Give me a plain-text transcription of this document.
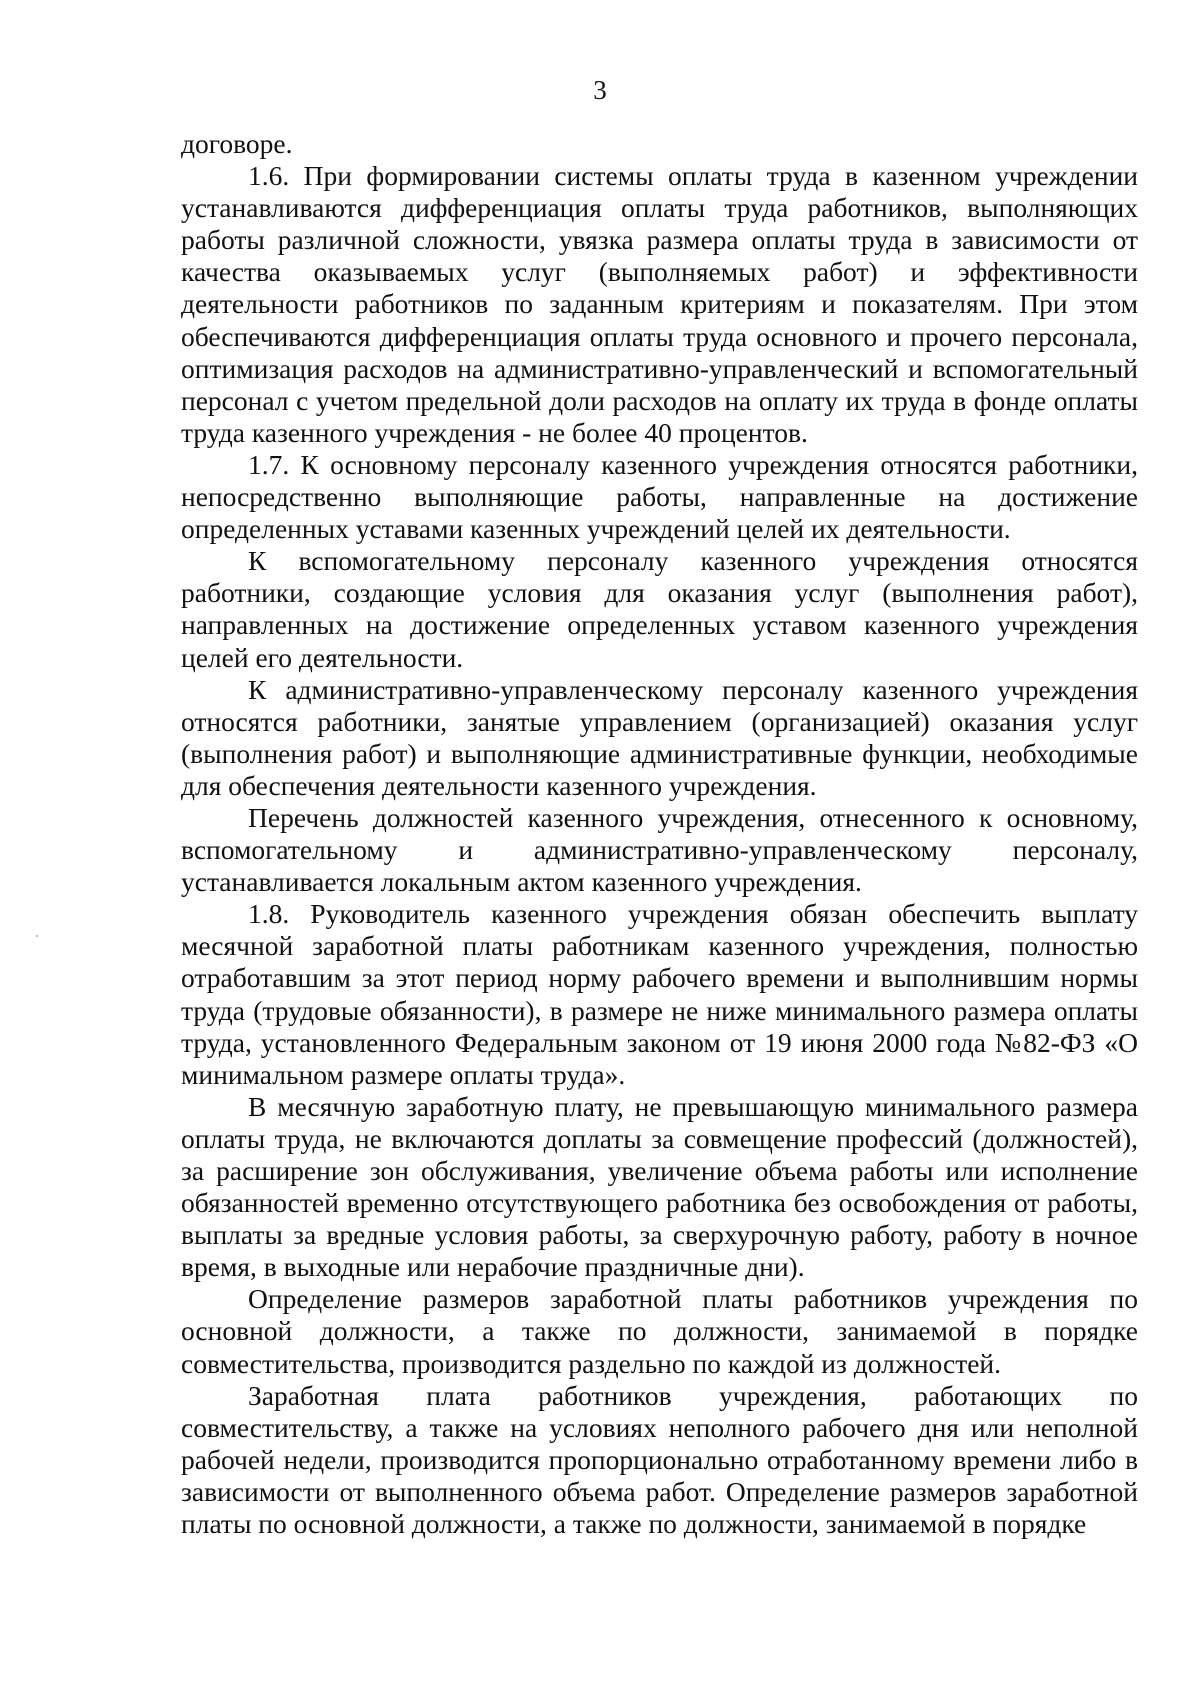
3

договоре.

1.6. При формировании системы оплаты труда в казенном учреждении устанавливаются дифференциация оплаты труда работников, выполняющих работы различной сложности, увязка размера оплаты труда в зависимости от качества оказываемых услуг (выполняемых работ) и эффективности деятельности работников по заданным критериям и показателям. При этом обеспечиваются дифференциация оплаты труда основного и прочего персонала, оптимизация расходов на административно-управленческий и вспомогательный персонал с учетом предельной доли расходов на оплату их труда в фонде оплаты труда казенного учреждения - не более 40 процентов.

1.7. К основному персоналу казенного учреждения относятся работники, непосредственно выполняющие работы, направленные на достижение определенных уставами казенных учреждений целей их деятельности.

К вспомогательному персоналу казенного учреждения относятся работники, создающие условия для оказания услуг (выполнения работ), направленных на достижение определенных уставом казенного учреждения целей его деятельности.

К административно-управленческому персоналу казенного учреждения относятся работники, занятые управлением (организацией) оказания услуг (выполнения работ) и выполняющие административные функции, необходимые для обеспечения деятельности казенного учреждения.

Перечень должностей казенного учреждения, отнесенного к основному, вспомогательному и административно-управленческому персоналу, устанавливается локальным актом казенного учреждения.

1.8. Руководитель казенного учреждения обязан обеспечить выплату месячной заработной платы работникам казенного учреждения, полностью отработавшим за этот период норму рабочего времени и выполнившим нормы труда (трудовые обязанности), в размере не ниже минимального размера оплаты труда, установленного Федеральным законом от 19 июня 2000 года №82-ФЗ «О минимальном размере оплаты труда».

В месячную заработную плату, не превышающую минимального размера оплаты труда, не включаются доплаты за совмещение профессий (должностей), за расширение зон обслуживания, увеличение объема работы или исполнение обязанностей временно отсутствующего работника без освобождения от работы, выплаты за вредные условия работы, за сверхурочную работу, работу в ночное время, в выходные или нерабочие праздничные дни).

Определение размеров заработной платы работников учреждения по основной должности, а также по должности, занимаемой в порядке совместительства, производится раздельно по каждой из должностей.

Заработная плата работников учреждения, работающих по совместительству, а также на условиях неполного рабочего дня или неполной рабочей недели, производится пропорционально отработанному времени либо в зависимости от выполненного объема работ. Определение размеров заработной платы по основной должности, а также по должности, занимаемой в порядке
